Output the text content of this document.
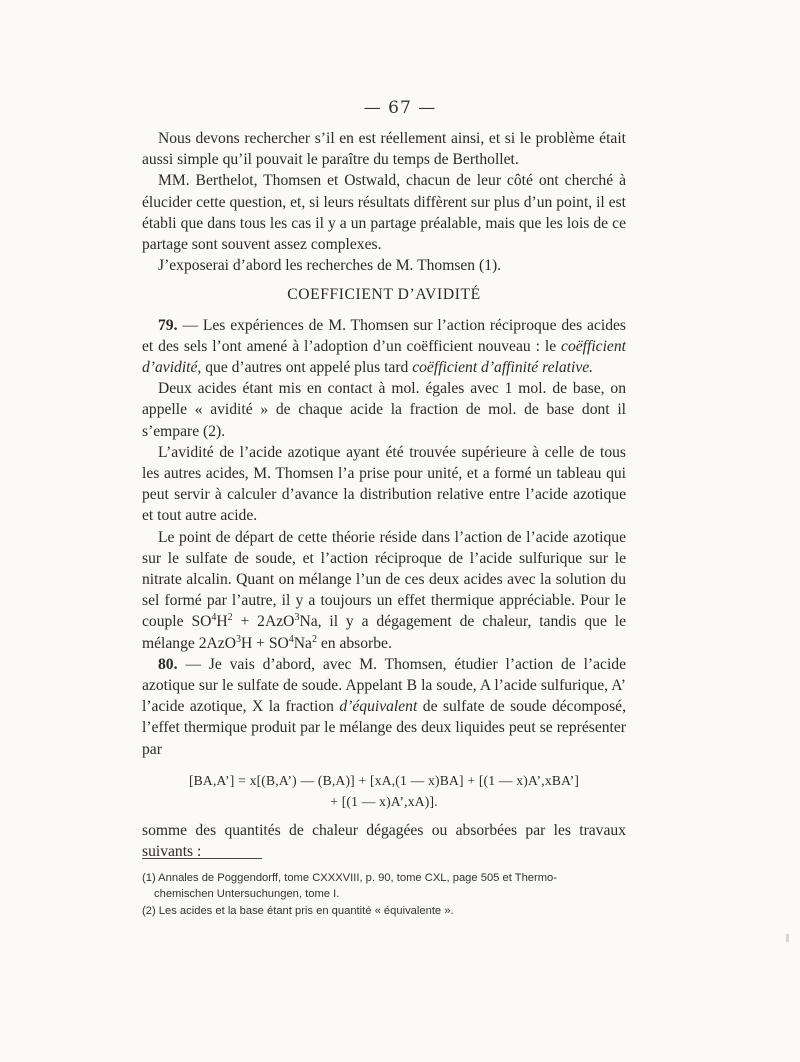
— 67 —

Nous devons rechercher s’il en est réellement ainsi, et si le problème était aussi simple qu’il pouvait le paraître du temps de Berthollet.

MM. Berthelot, Thomsen et Ostwald, chacun de leur côté ont cherché à élucider cette question, et, si leurs résultats diffèrent sur plus d’un point, il est établi que dans tous les cas il y a un partage préalable, mais que les lois de ce partage sont souvent assez complexes.

J’exposerai d’abord les recherches de M. Thomsen (1).

COEFFICIENT D’AVIDITÉ

79. — Les expériences de M. Thomsen sur l’action réciproque des acides et des sels l’ont amené à l’adoption d’un coëfficient nouveau : le coëfficient d’avidité, que d’autres ont appelé plus tard coëfficient d’affinité relative.

Deux acides étant mis en contact à mol. égales avec 1 mol. de base, on appelle « avidité » de chaque acide la fraction de mol. de base dont il s’empare (2).

L’avidité de l’acide azotique ayant été trouvée supérieure à celle de tous les autres acides, M. Thomsen l’a prise pour unité, et a formé un tableau qui peut servir à calculer d’avance la distribution relative entre l’acide azotique et tout autre acide.

Le point de départ de cette théorie réside dans l’action de l’acide azotique sur le sulfate de soude, et l’action réciproque de l’acide sulfurique sur le nitrate alcalin. Quant on mélange l’un de ces deux acides avec la solution du sel formé par l’autre, il y a toujours un effet thermique appréciable. Pour le couple $SO^4H^2 + 2AzO^3Na$, il y a dégagement de chaleur, tandis que le mélange $2AzO^3H + SO^4Na^2$ en absorbe.

80. — Je vais d’abord, avec M. Thomsen, étudier l’action de l’acide azotique sur le sulfate de soude. Appelant B la soude, A l’acide sulfurique, A’ l’acide azotique, X la fraction d’équivalent de sulfate de soude décomposé, l’effet thermique produit par le mélange des deux liquides peut se représenter par

[BA,A’] = x[(B,A’) — (B,A)] + [xA,(1 — x)BA] + [(1 — x)A’,xBA’]
+ [(1 — x)A’,xA)].

somme des quantités de chaleur dégagées ou absorbées par les travaux suivants :

(1) Annales de Poggendorff, tome CXXXVIII, p. 90, tome CXL, page 505 et Thermo-

chemischen Untersuchungen, tome I.

(2) Les acides et la base étant pris en quantité « équivalente ».
